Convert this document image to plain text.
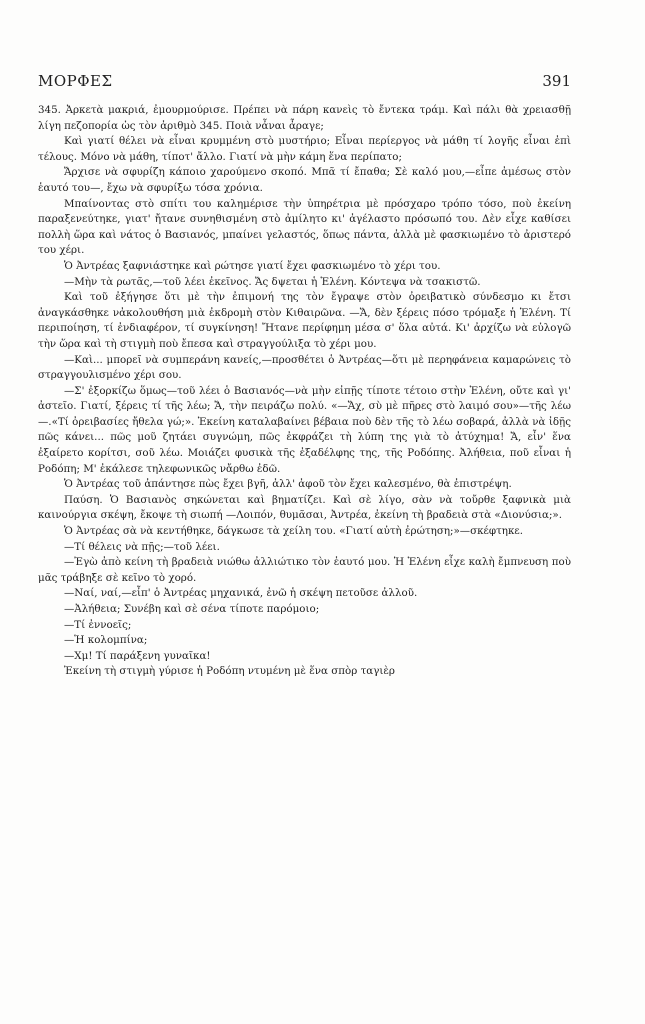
ΜΟΡΦΕΣ	391

345. Ἀρκετὰ μακριά, ἐμουρμούρισε. Πρέπει νὰ πάρη κανεὶς τὸ ἔντεκα τράμ. Καὶ πάλι θὰ χρειασθῇ λίγη πεζοπορία ὡς τὸν ἀριθμὸ 345. Ποιὰ νἆναι ἆραγε;

Καὶ γιατί θέλει νὰ εἶναι κρυμμένη στὸ μυστήριο; Εἶναι περίεργος νὰ μάθη τί λογῆς εἶναι ἐπὶ τέλους. Μόνο νὰ μάθη, τίποτ' ἄλλο. Γιατί νὰ μὴν κάμη ἕνα περίπατο;

Ἄρχισε νὰ σφυρίζη κάποιο χαρούμενο σκοπό. Μπᾶ τί ἔπαθα; Σὲ καλό μου,—εἶπε ἀμέσως στὸν ἑαυτό του—, ἔχω νὰ σφυρίξω τόσα χρόνια.

Μπαίνοντας στὸ σπίτι του καλημέρισε τὴν ὑπηρέτρια μὲ πρόσχαρο τρόπο τόσο, ποὺ ἐκείνη παραξενεύτηκε, γιατ' ἤτανε συνηθισμένη στὸ ἀμίλητο κι' ἀγέλαστο πρόσωπό του. Δὲν εἶχε καθίσει πολλὴ ὥρα καὶ νάτος ὁ Βασιανός, μπαίνει γελαστός, ὅπως πάντα, ἀλλὰ μὲ φασκιωμένο τὸ ἀριστερό του χέρι.

Ὁ Ἀντρέας ξαφνιάστηκε καὶ ρώτησε γιατί ἔχει φασκιωμένο τὸ χέρι του.

—Μὴν τὰ ρωτᾶς,—τοῦ λέει ἐκεῖνος. Ἄς δψεται ἡ Ἑλένη. Κόντεψα νὰ τσακιστῶ.

Καὶ τοῦ ἐξήγησε ὅτι μὲ τὴν ἐπιμονή της τὸν ἔγραψε στὸν ὀρειβατικὸ σύνδεσμο κι ἔτσι ἀναγκάσθηκε νἀκολουθήση μιὰ ἐκδρομὴ στὸν Κιθαιρῶνα. —Ἄ, δὲν ξέρεις πόσο τρόμαξε ἡ Ἑλένη. Τί περιποίηση, τί ἐνδιαφέρον, τί συγκίνηση! Ἤτανε περίφημη μέσα σ' ὅλα αὐτά. Κι' ἀρχίζω νὰ εὐλογῶ τὴν ὥρα καὶ τὴ στιγμὴ ποὺ ἔπεσα καὶ στραγγούλιξα τὸ χέρι μου.

—Καὶ... μπορεῖ νὰ συμπεράνη κανείς,—προσθέτει ὁ Ἀντρέας—ὅτι μὲ περηφάνεια καμαρώνεις τὸ στραγγουλισμένο χέρι σου.

—Σ' ἐξορκίζω ὅμως—τοῦ λέει ὁ Βασιανός—νὰ μὴν εἰπῇς τίποτε τέτοιο στὴν Ἑλένη, οὔτε καὶ γι' ἀστεῖο. Γιατί, ξέρεις τί τῆς λέω; Ἄ, τὴν πειράζω πολύ. «—Ἄχ, σὺ μὲ πῆρες στὸ λαιμό σου»—τῆς λέω—.«Τί ὀρειβασίες ἤθελα γώ;». Ἐκείνη καταλαβαίνει βέβαια ποὺ δὲν τῆς τὸ λέω σοβαρά, ἀλλὰ νὰ ἰδῇς πῶς κάνει... πῶς μοῦ ζητάει συγνώμη, πῶς ἐκφράζει τὴ λύπη της γιὰ τὸ ἀτύχημα! Ἄ, εἶν' ἕνα ἐξαίρετο κορίτσι, σοῦ λέω. Μοιάζει φυσικὰ τῆς ἐξαδέλφης της, τῆς Ροδόπης. Ἀλήθεια, ποῦ εἶναι ἡ Ροδόπη; Μ' ἐκάλεσε τηλεφωνικῶς νἄρθω ἐδῶ.

Ὁ Ἀντρέας τοῦ ἀπάντησε πὼς ἔχει βγῆ, ἀλλ' ἀφοῦ τὸν ἔχει καλεσμένο, θὰ ἐπιστρέψη.

Παύση. Ὁ Βασιανὸς σηκώνεται καὶ βηματίζει. Καὶ σὲ λίγο, σὰν νὰ τοὔρθε ξαφνικὰ μιὰ καινούργια σκέψη, ἔκοψε τὴ σιωπή —Λοιπόν, θυμᾶσαι, Ἀντρέα, ἐκείνη τὴ βραδειὰ στὰ «Διονύσια;».

Ὁ Ἀντρέας σὰ νὰ κεντήθηκε, δάγκωσε τὰ χείλη του. «Γιατί αὐτὴ ἐρώτηση;»—σκέφτηκε.

—Τί θέλεις νὰ πῇς;—τοῦ λέει.

—Ἐγὼ ἀπὸ κείνη τὴ βραδειὰ νιώθω ἀλλιώτικο τὸν ἑαυτό μου. Ἡ Ἑλένη εἶχε καλὴ ἔμπνευση ποὺ μᾶς τράβηξε σὲ κεῖνο τὸ χορό.

—Ναί, ναί,—εἶπ' ὁ Ἀντρέας μηχανικά, ἐνῶ ἡ σκέψη πετοῦσε ἀλλοῦ.

—Ἀλήθεια; Συνέβη καὶ σὲ σένα τίποτε παρόμοιο;

—Τί ἐννοεῖς;

—Ἡ κολομπίνα;

—Χμ! Τί παράξενη γυναῖκα!

Ἐκείνη τὴ στιγμὴ γύρισε ἡ Ροδόπη ντυμένη μὲ ἕνα σπὸρ ταγιὲρ
